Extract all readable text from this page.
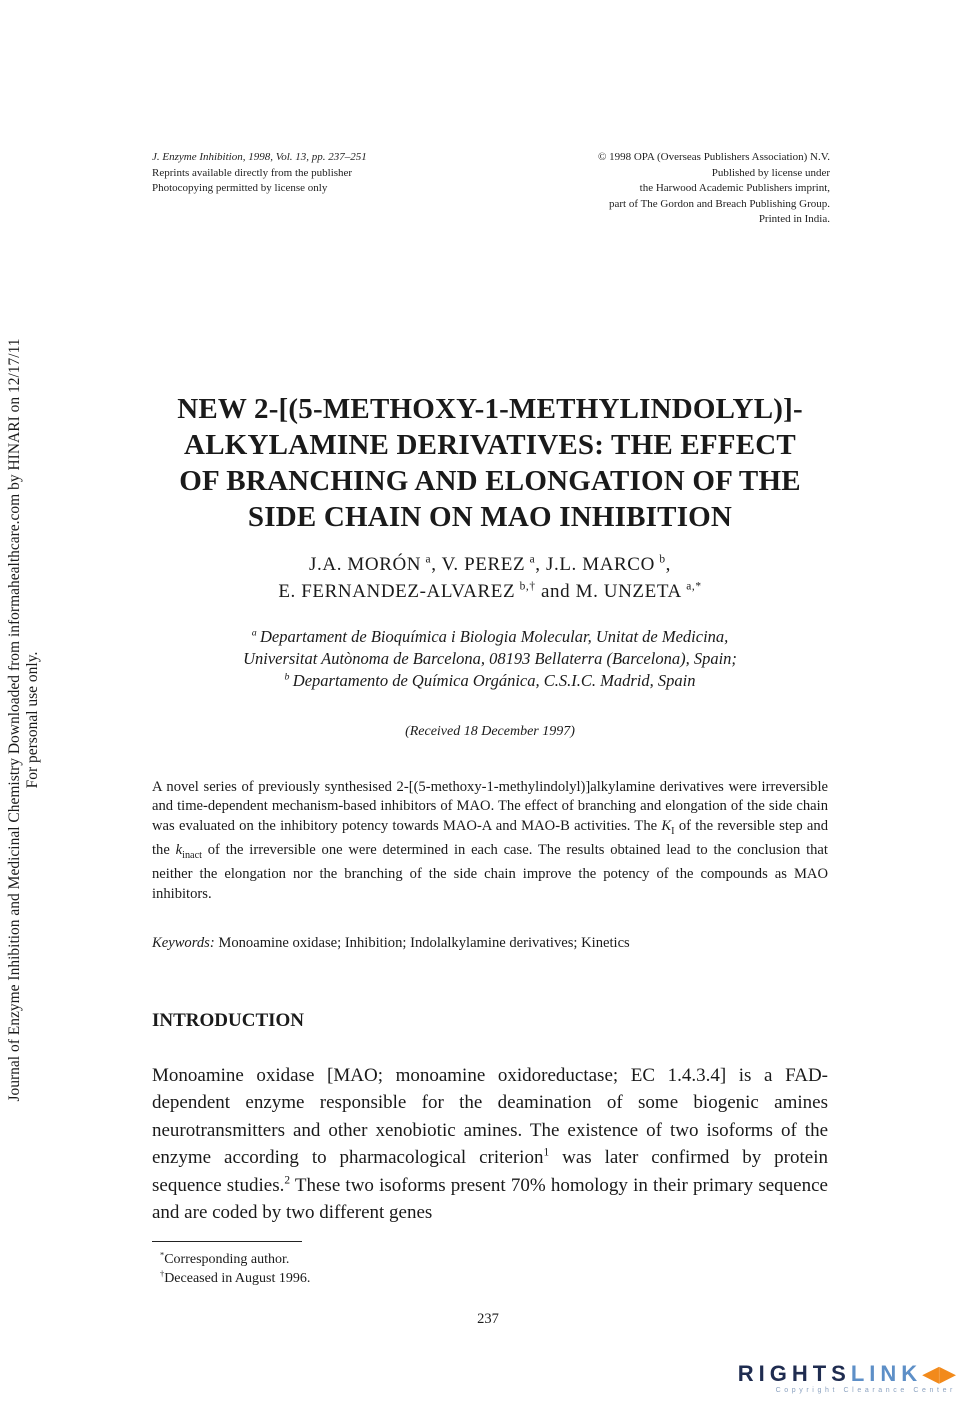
Journal of Enzyme Inhibition and Medicinal Chemistry Downloaded from informahealthcare.com by HINARI on 12/17/11 For personal use only.
J. Enzyme Inhibition, 1998, Vol. 13, pp. 237–251
Reprints available directly from the publisher
Photocopying permitted by license only
© 1998 OPA (Overseas Publishers Association) N.V.
Published by license under
the Harwood Academic Publishers imprint,
part of The Gordon and Breach Publishing Group.
Printed in India.
NEW 2-[(5-METHOXY-1-METHYLINDOLYL)]-
ALKYLAMINE DERIVATIVES: THE EFFECT
OF BRANCHING AND ELONGATION OF THE
SIDE CHAIN ON MAO INHIBITION
J.A. MORÓN  $^a$, V. PEREZ  $^a$, J.L. MARCO  $^b$,
E. FERNANDEZ-ALVAREZ  $^{b,\dagger}$ and M. UNZETA  $^{a,*}$
$^a$  Departament de Bioquímica i Biologia Molecular, Unitat de Medicina,
Universitat Autònoma de Barcelona, 08193 Bellaterra (Barcelona), Spain;
$^b$  Departamento de Química Orgánica, C.S.I.C. Madrid, Spain
(Received 18 December 1997)
A novel series of previously synthesised 2-[(5-methoxy-1-methylindolyl)]alkylamine derivatives were irreversible and time-dependent mechanism-based inhibitors of MAO. The effect of branching and elongation of the side chain was evaluated on the inhibitory potency towards MAO-A and MAO-B activities. The $K_I$ of the reversible step and the $k_{inact}$ of the irreversible one were determined in each case. The results obtained lead to the conclusion that neither the elongation nor the branching of the side chain improve the potency of the compounds as MAO inhibitors.
Keywords: Monoamine oxidase; Inhibition; Indolalkylamine derivatives; Kinetics
INTRODUCTION
Monoamine oxidase [MAO; monoamine oxidoreductase; EC 1.4.3.4] is a FAD-dependent enzyme responsible for the deamination of some biogenic amines neurotransmitters and other xenobiotic amines. The existence of two isoforms of the enzyme according to pharmacological criterion$^1$ was later confirmed by protein sequence studies.$^2$ These two isoforms present 70% homology in their primary sequence and are coded by two different genes
*Corresponding author.
†Deceased in August 1996.
237
RIGHTSLINK◀▶
Copyright Clearance Center
